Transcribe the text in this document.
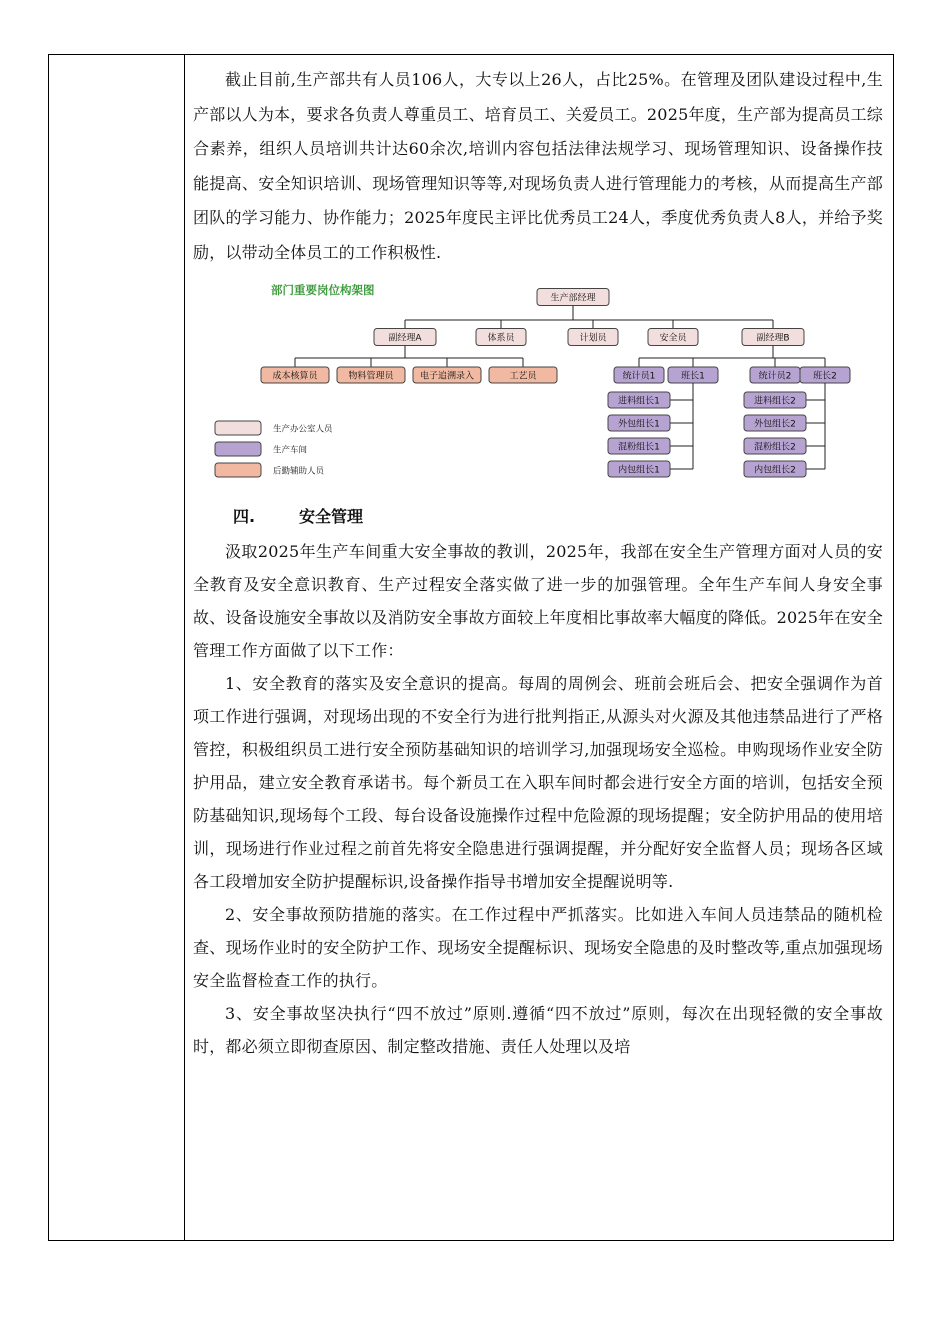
截止目前,生产部共有人员106人，大专以上26人，占比25%。在管理及团队建设过程中,生产部以人为本，要求各负责人尊重员工、培育员工、关爱员工。2025年度，生产部为提高员工综合素养，组织人员培训共计达60余次,培训内容包括法律法规学习、现场管理知识、设备操作技能提高、安全知识培训、现场管理知识等等,对现场负责人进行管理能力的考核，从而提高生产部团队的学习能力、协作能力；2025年度民主评比优秀员工24人，季度优秀负责人8人，并给予奖励，以带动全体员工的工作积极性.

部门重要岗位构架图
生产部经理
副经理A	体系员	计划员	安全员	副经理B
成本核算员	物料管理员	电子追溯录入	工艺员	统计员1	班长1	统计员2 班长2
进料组长1
外包组长1
混粉组长1
内包组长1
进料组长2
外包组长2
混粉组长2
内包组长2
生产办公室人员
生产车间
后勤辅助人员
四.	安全管理

汲取2025年生产车间重大安全事故的教训，2025年，我部在安全生产管理方面对人员的安全教育及安全意识教育、生产过程安全落实做了进一步的加强管理。全年生产车间人身安全事故、设备设施安全事故以及消防安全事故方面较上年度相比事故率大幅度的降低。2025年在安全管理工作方面做了以下工作：

1、安全教育的落实及安全意识的提高。每周的周例会、班前会班后会、把安全强调作为首项工作进行强调，对现场出现的不安全行为进行批判指正,从源头对火源及其他违禁品进行了严格管控，积极组织员工进行安全预防基础知识的培训学习,加强现场安全巡检。申购现场作业安全防护用品，建立安全教育承诺书。每个新员工在入职车间时都会进行安全方面的培训，包括安全预防基础知识,现场每个工段、每台设备设施操作过程中危险源的现场提醒；安全防护用品的使用培训，现场进行作业过程之前首先将安全隐患进行强调提醒，并分配好安全监督人员；现场各区域各工段增加安全防护提醒标识,设备操作指导书增加安全提醒说明等.

2、安全事故预防措施的落实。在工作过程中严抓落实。比如进入车间人员违禁品的随机检查、现场作业时的安全防护工作、现场安全提醒标识、现场安全隐患的及时整改等,重点加强现场安全监督检查工作的执行。

3、安全事故坚决执行“四不放过”原则.遵循“四不放过”原则，每次在出现轻微的安全事故时，都必须立即彻查原因、制定整改措施、责任人处理以及培
